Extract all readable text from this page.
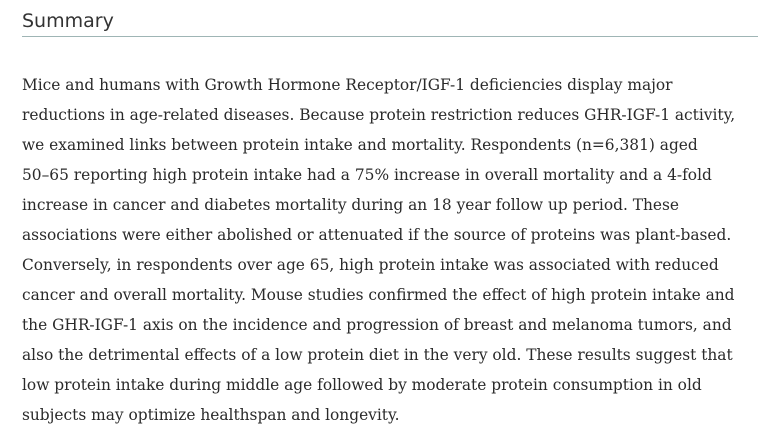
Summary

Mice and humans with Growth Hormone Receptor/IGF-1 deficiencies display major
reductions in age-related diseases. Because protein restriction reduces GHR-IGF-1 activity,
we examined links between protein intake and mortality. Respondents (n=6,381) aged
50–65 reporting high protein intake had a 75% increase in overall mortality and a 4-fold
increase in cancer and diabetes mortality during an 18 year follow up period. These
associations were either abolished or attenuated if the source of proteins was plant-based.
Conversely, in respondents over age 65, high protein intake was associated with reduced
cancer and overall mortality. Mouse studies confirmed the effect of high protein intake and
the GHR-IGF-1 axis on the incidence and progression of breast and melanoma tumors, and
also the detrimental effects of a low protein diet in the very old. These results suggest that
low protein intake during middle age followed by moderate protein consumption in old
subjects may optimize healthspan and longevity.
